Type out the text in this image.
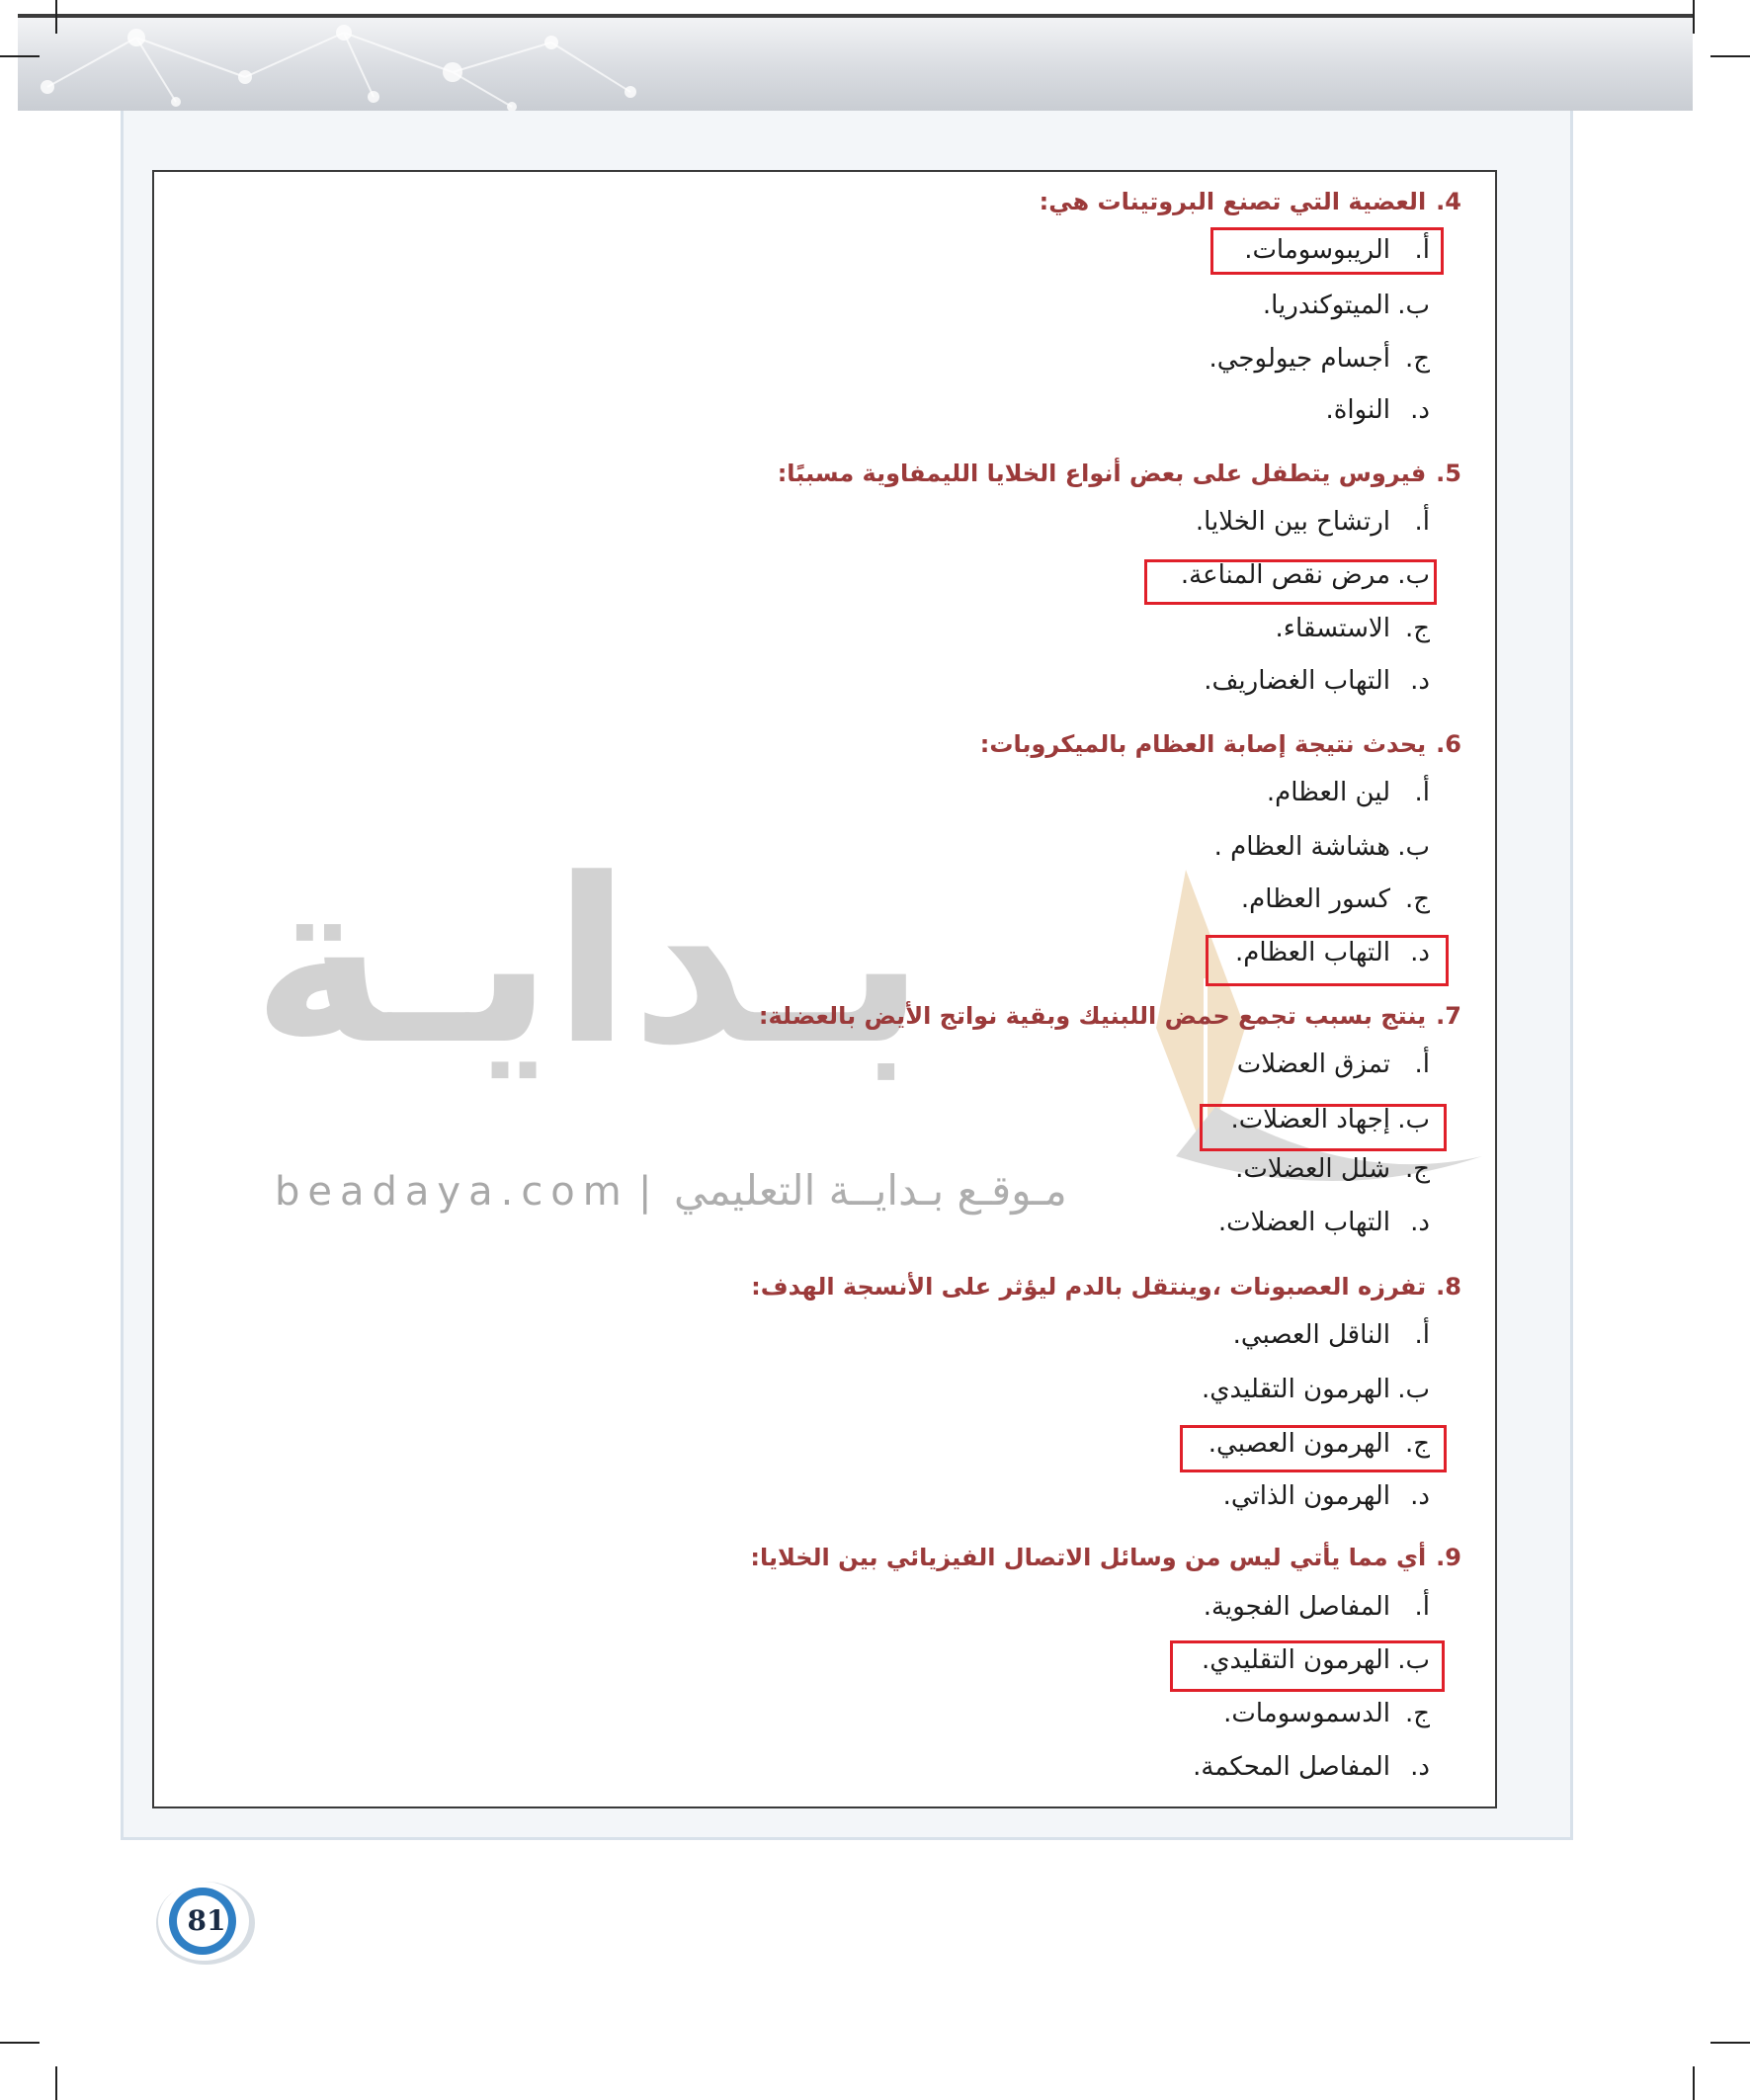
بـدايـة
beadaya.com | مـوقـع بـدايــة التعليمي
4.العضية التي تصنع البروتينات هي:
أ.الريبوسومات.
ب.الميتوكندريا.
ج.أجسام جيولوجي.
د.النواة.
5.فيروس يتطفل على بعض أنواع الخلايا الليمفاوية مسببًا:
أ.ارتشاح بين الخلايا.
ب.مرض نقص المناعة.
ج.الاستسقاء.
د.التهاب الغضاريف.
6.يحدث نتيجة إصابة العظام بالميكروبات:
أ.لين العظام.
ب.هشاشة العظام .
ج.كسور العظام.
د.التهاب العظام.
7.ينتج بسبب تجمع حمض اللبنيك وبقية نواتج الأيض بالعضلة:
أ.تمزق العضلات
ب.إجهاد العضلات.
ج.شلل العضلات.
د.التهاب العضلات.
8.تفرزه العصبونات ،وينتقل بالدم ليؤثر على الأنسجة الهدف:
أ.الناقل العصبي.
ب.الهرمون التقليدي.
ج.الهرمون العصبي.
د.الهرمون الذاتي.
9.أي مما يأتي ليس من وسائل الاتصال الفيزيائي بين الخلايا:
أ.المفاصل الفجوية.
ب.الهرمون التقليدي.
ج.الدسموسومات.
د.المفاصل المحكمة.
81
